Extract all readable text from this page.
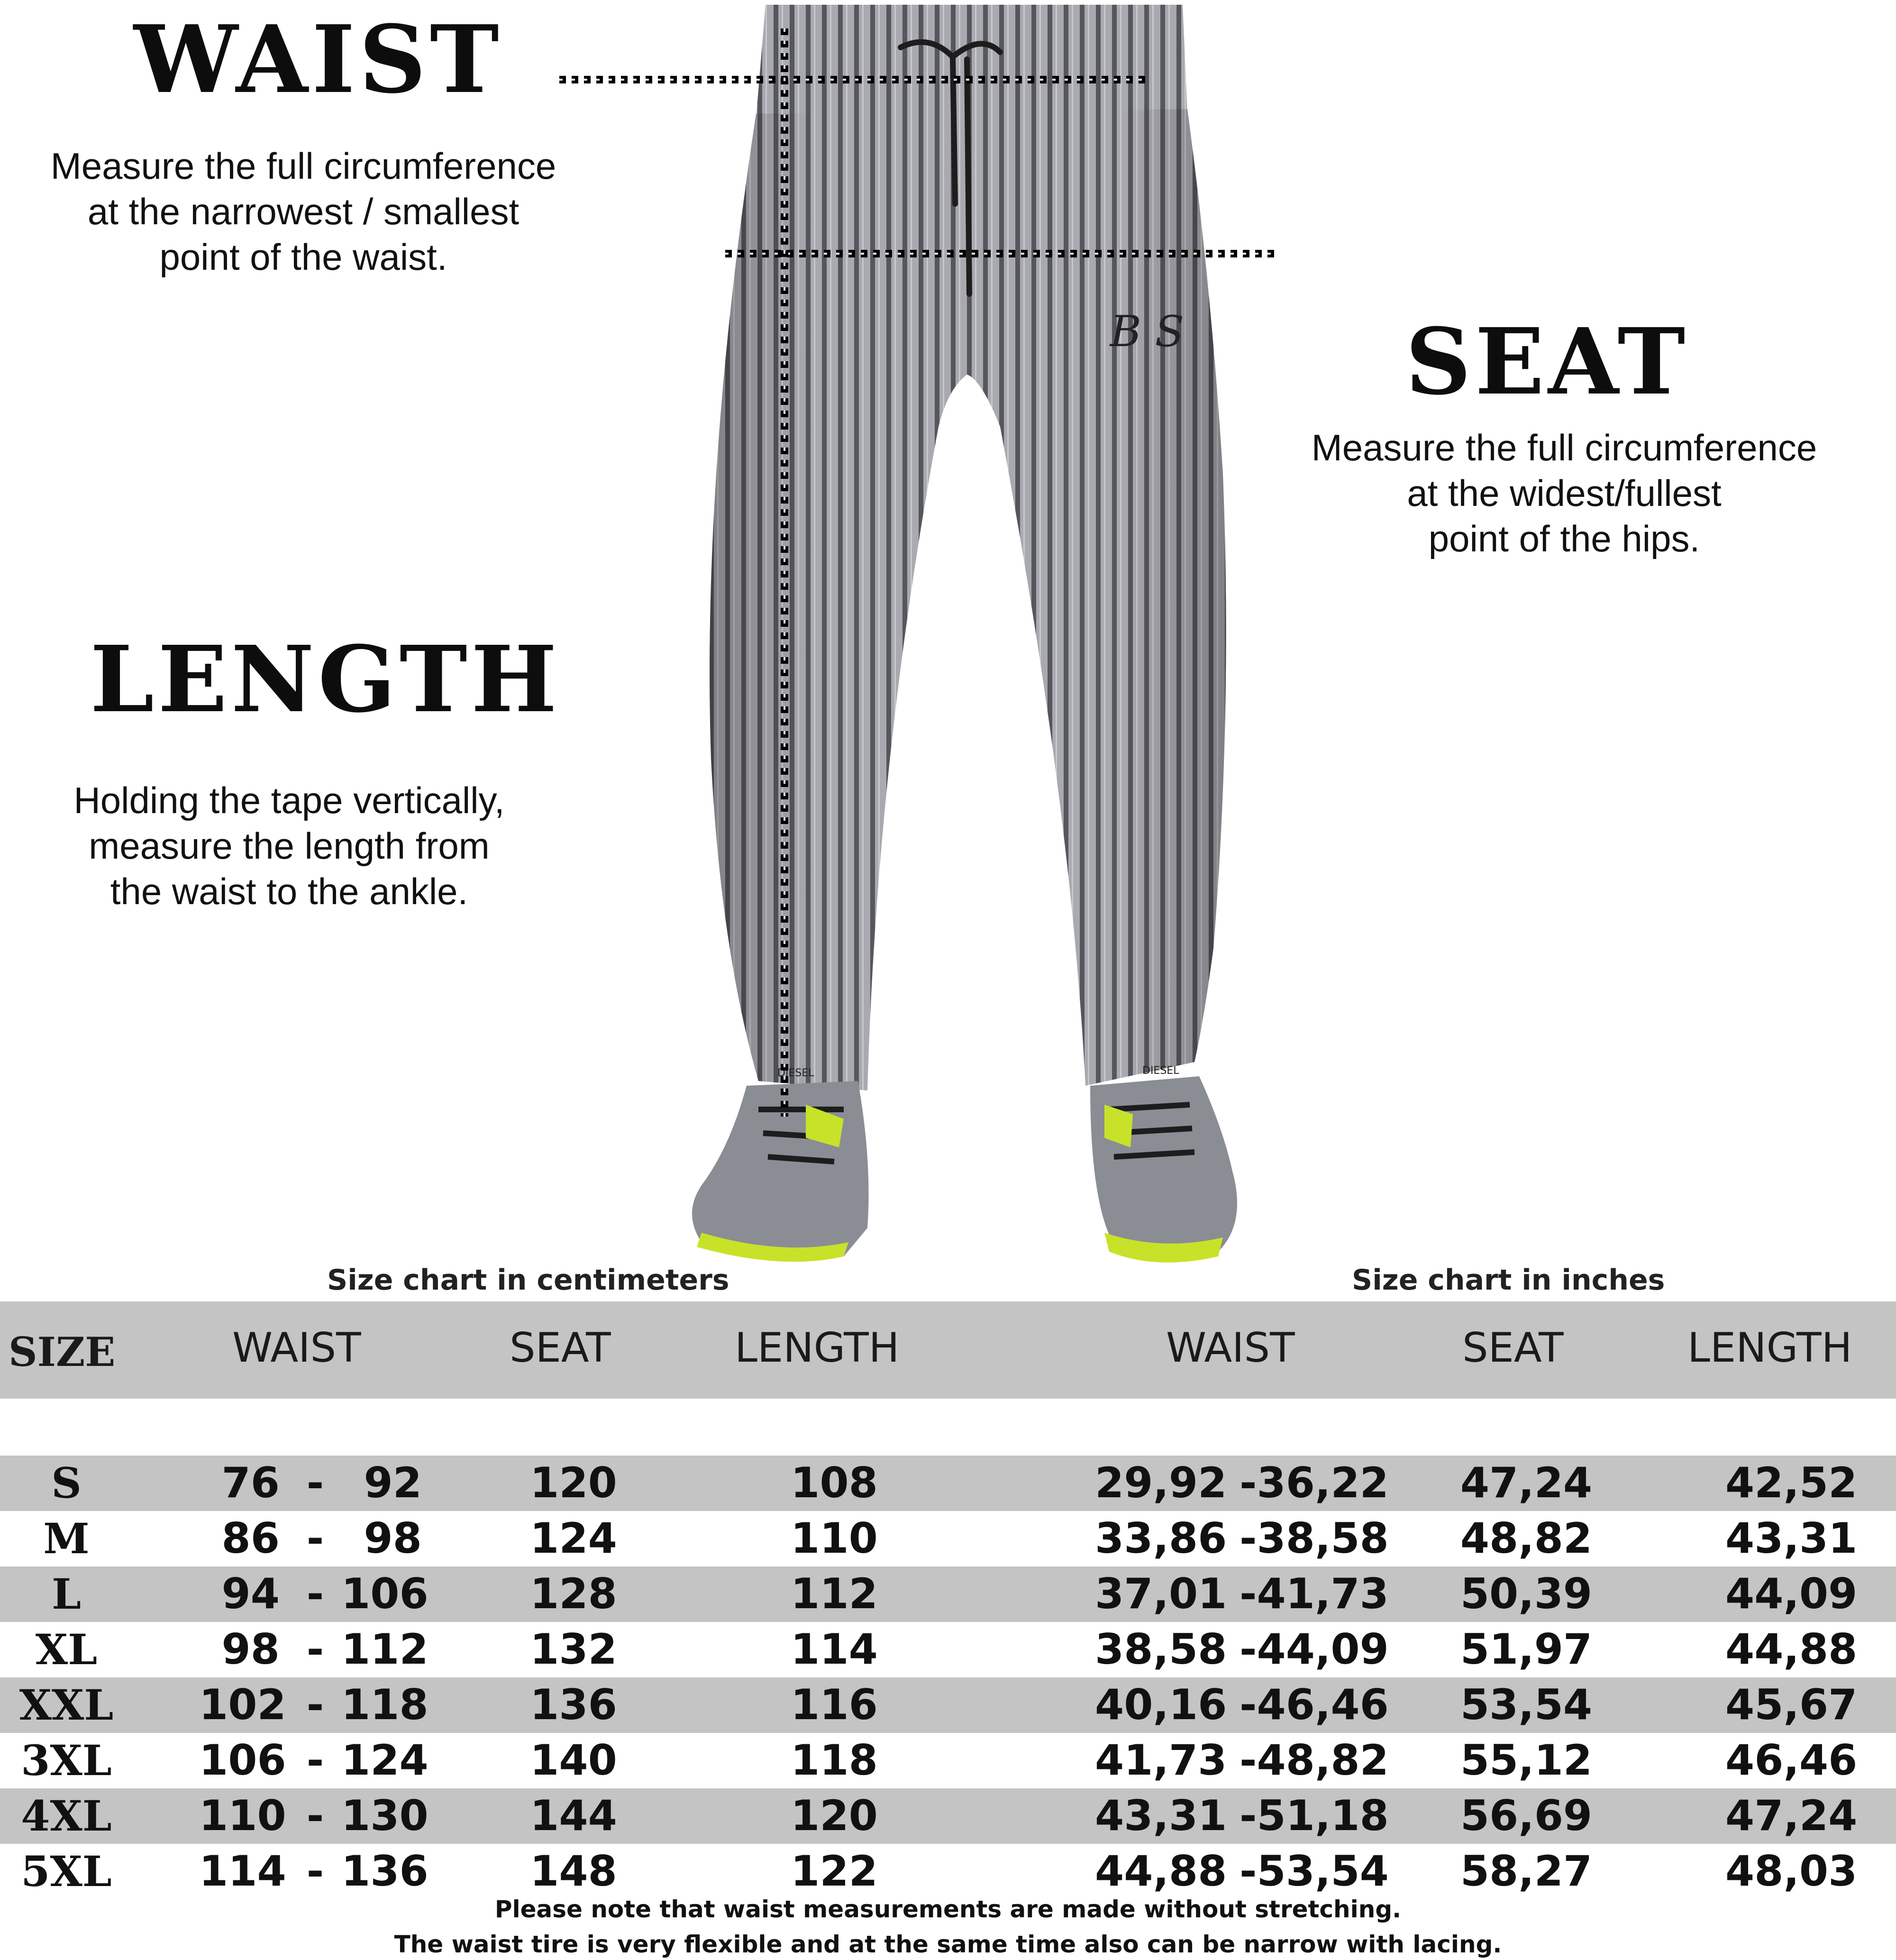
WAIST
Measure the full circumference
at the narrowest / smallest
point of the waist.
SEAT
Measure the full circumference
at the widest/fullest
point of the hips.
LENGTH
Holding the tape vertically,
measure the length from
the waist to the ankle.
B S
DIESEL	DIESEL
Size chart in centimeters	Size chart in inches
SIZE	WAIST	SEAT	LENGTH	WAIST	SEAT	LENGTH
S	76 - 92	120	108	29,92 -36,22 47,24	42,52
M	86 - 98	124	110	33,86 -38,58 48,82	43,31
L	94 - 106 128	112	37,01 -41,73 50,39	44,09
XL	98 - 112 132	114	38,58 -44,09 51,97	44,88
XXL	102 - 118 136	116	40,16 -46,46 53,54	45,67
3XL	106 - 124 140	118	41,73 -48,82 55,12	46,46
4XL	110 - 130 144	120	43,31 -51,18 56,69	47,24
5XL	114 - 136 148	122	44,88 -53,54 58,27	48,03
Please note that waist measurements are made without stretching.
The waist tire is very flexible and at the same time also can be narrow with lacing.
